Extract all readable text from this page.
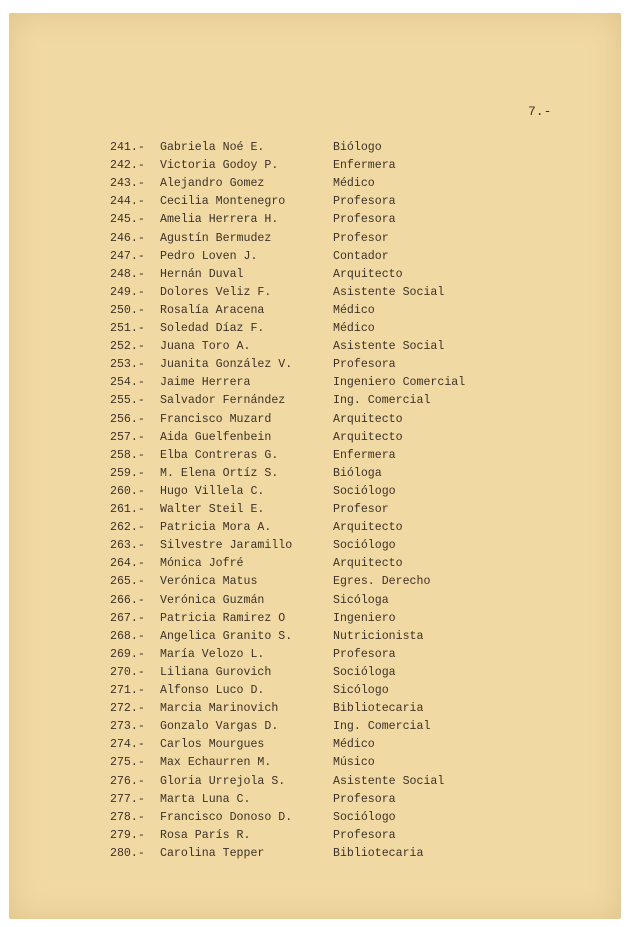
7.-
241.- Gabriela Noé E.	Biólogo
242.- Victoria Godoy P.	Enfermera
243.- Alejandro Gomez	Médico
244.- Cecilia Montenegro	Profesora
245.- Amelia Herrera H.	Profesora
246.- Agustín Bermudez	Profesor
247.- Pedro Loven J.	Contador
248.- Hernán Duval	Arquitecto
249.- Dolores Veliz F.	Asistente Social
250.- Rosalía Aracena	Médico
251.- Soledad Díaz F.	Médico
252.- Juana Toro A.	Asistente Social
253.- Juanita González V.	Profesora
254.- Jaime Herrera	Ingeniero Comercial
255.- Salvador Fernández	Ing. Comercial
256.- Francisco Muzard	Arquitecto
257.- Aida Guelfenbein	Arquitecto
258.- Elba Contreras G.	Enfermera
259.- M. Elena Ortíz S.	Bióloga
260.- Hugo Villela C.	Sociólogo
261.- Walter Steil E.	Profesor
262.- Patricia Mora A.	Arquitecto
263.- Silvestre Jaramillo	Sociólogo
264.- Mónica Jofré	Arquitecto
265.- Verónica Matus	Egres. Derecho
266.- Verónica Guzmán	Sicóloga
267.- Patricia Ramirez O	Ingeniero
268.- Angelica Granito S.	Nutricionista
269.- María Velozo L.	Profesora
270.- Liliana Gurovich	Socióloga
271.- Alfonso Luco D.	Sicólogo
272.- Marcia Marinovich	Bibliotecaria
273.- Gonzalo Vargas D.	Ing. Comercial
274.- Carlos Mourgues	Médico
275.- Max Echaurren M.	Músico
276.- Gloria Urrejola S.	Asistente Social
277.- Marta Luna C.	Profesora
278.- Francisco Donoso D.	Sociólogo
279.- Rosa París R.	Profesora
280.- Carolina Tepper	Bibliotecaria
